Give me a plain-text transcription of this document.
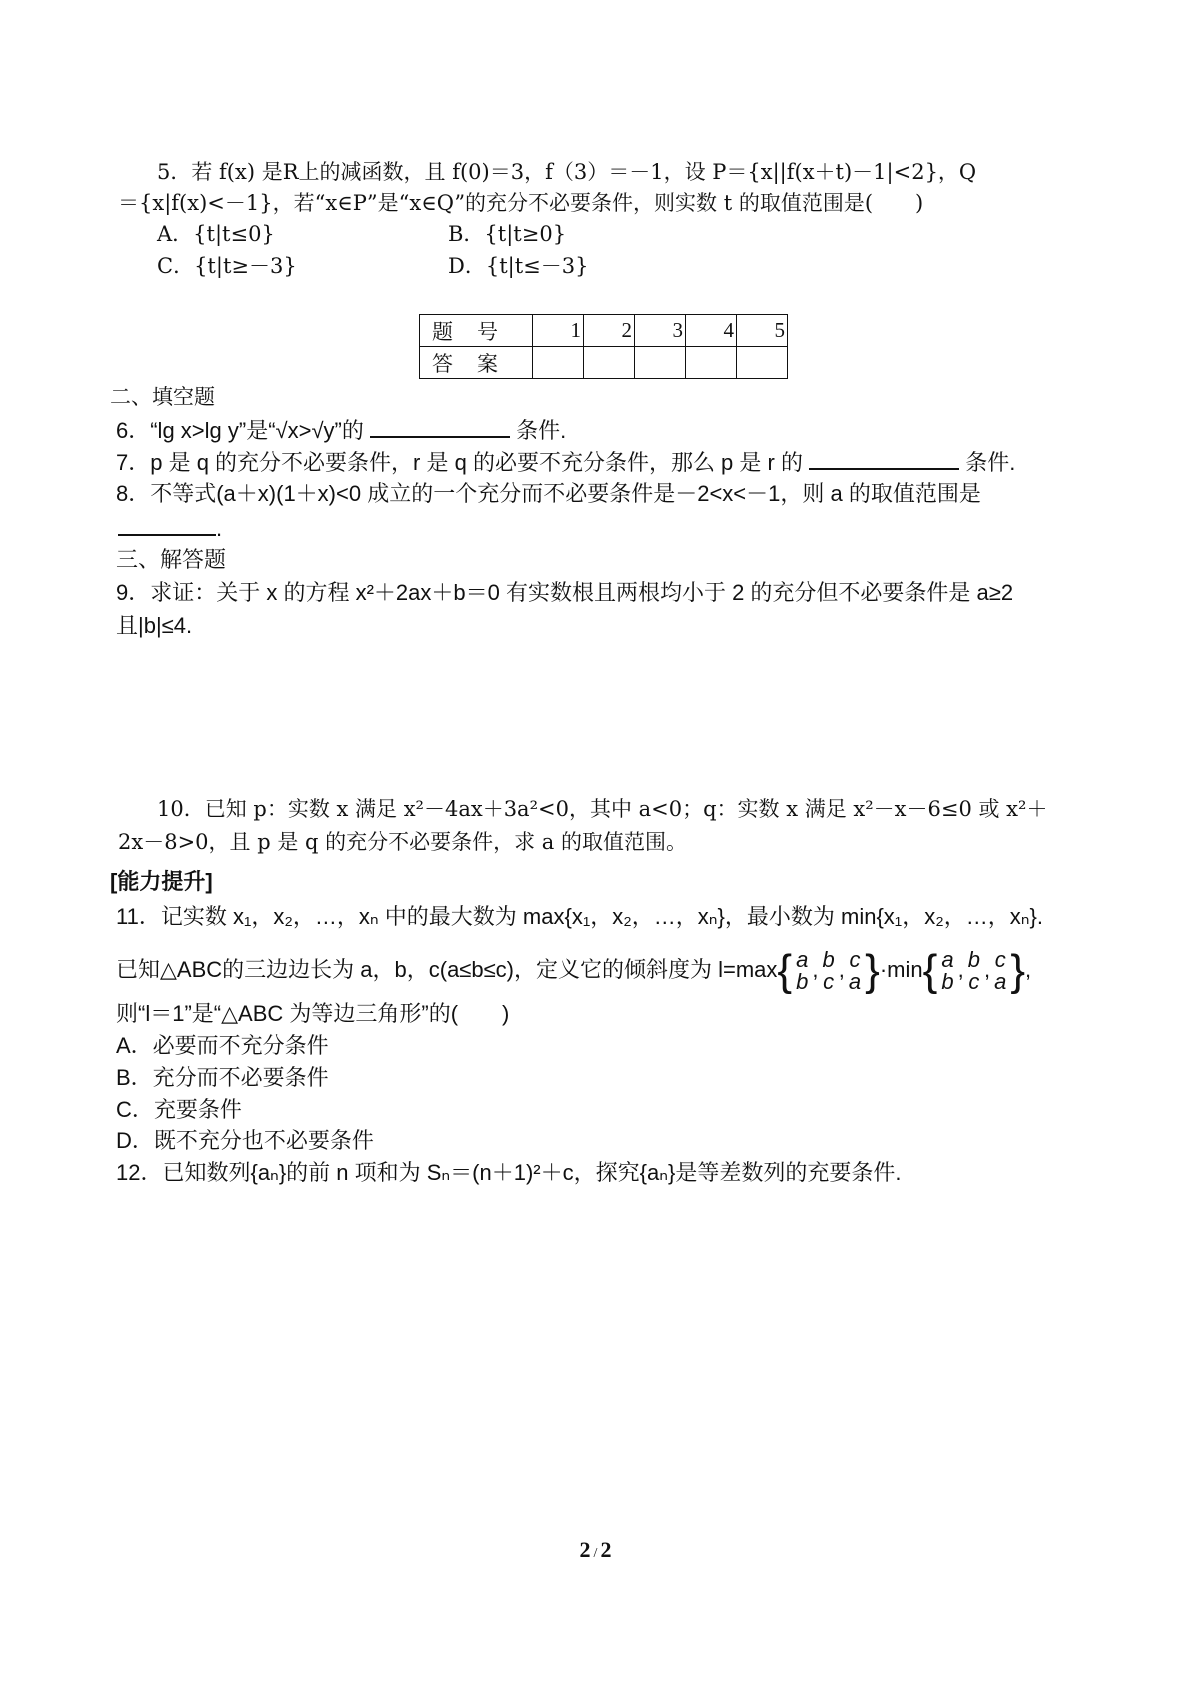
5．若 f(x) 是R上的减函数，且 f(0)＝3，f（3）＝－1，设 P＝{x||f(x＋t)－1|<2}，Q
＝{x|f(x)<－1}，若“x∈P”是“x∈Q”的充分不必要条件，则实数 t 的取值范围是(　　)
A．{t|t≤0}	B．{t|t≥0}
C．{t|t≥－3}	D．{t|t≤－3}
题号	1	2	3	4	5
答案					
二、填空题
6．“lg x>lg y”是“√x>√y”的	条件.
7．p 是 q 的充分不必要条件，r 是 q 的必要不充分条件，那么 p 是 r 的	条件.
8．不等式(a＋x)(1＋x)<0 成立的一个充分而不必要条件是－2<x<－1，则 a 的取值范围是
.
三、解答题
9．求证：关于 x 的方程 x²＋2ax＋b＝0 有实数根且两根均小于 2 的充分但不必要条件是 a≥2
且|b|≤4.
10．已知 p：实数 x 满足 x²－4ax＋3a²<0，其中 a<0；q：实数 x 满足 x²－x－6≤0 或 x²＋
2x－8>0，且 p 是 q 的充分不必要条件，求 a 的取值范围。
[能力提升]
11．记实数 x₁，x₂，…，xₙ 中的最大数为 max{x₁，x₂，…，xₙ}，最小数为 min{x₁，x₂，…，xₙ}.
已知△ABC的三边边长为 a，b，c(a≤b≤c)，定义它的倾斜度为 l=max{ a
b , b
c , c
a }·min{ a
b , b
c , c
a },
则“l＝1”是“△ABC 为等边三角形”的(　　)
A．必要而不充分条件
B．充分而不必要条件
C．充要条件
D．既不充分也不必要条件
12．已知数列{aₙ}的前 n 项和为 Sₙ＝(n＋1)²＋c，探究{aₙ}是等差数列的充要条件.
2 / 2
